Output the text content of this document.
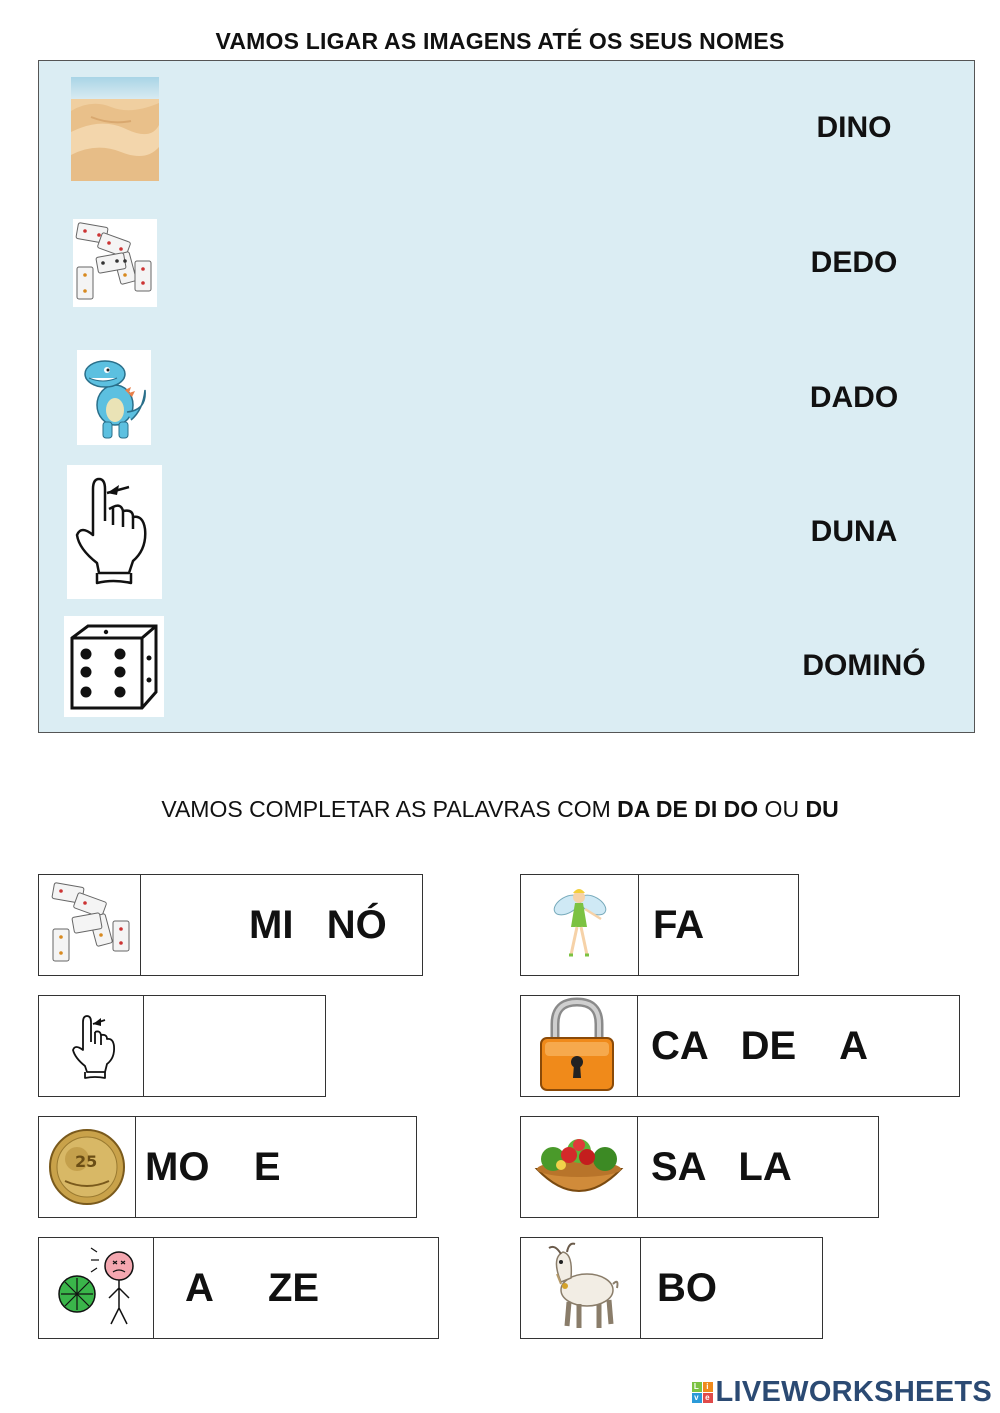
VAMOS LIGAR AS IMAGENS ATÉ OS SEUS NOMES
DINO
DEDO
DADO
DUNA
DOMINÓ
VAMOS COMPLETAR AS PALAVRAS COM DA DE DI DO OU DU
MI   NÓ
25 MO    E
A     ZE
FA
CA   DE    A
SA   LA
BO
L i
v e LIVEWORKSHEETS
